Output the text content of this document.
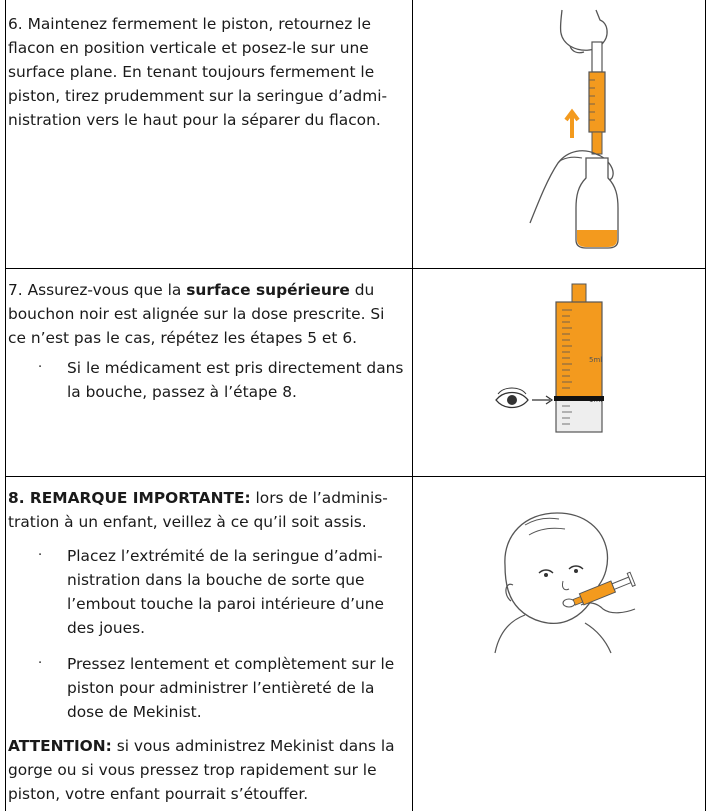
6. Maintenez fermement le piston, retournez le flacon en position verticale et posez-le sur une surface plane. En tenant toujours fermement le piston, tirez prudemment sur la seringue d’admi-nistration vers le haut pour la séparer du flacon.

7. Assurez-vous que la surface supérieure du bouchon noir est alignée sur la dose prescrite. Si ce n’est pas le cas, répétez les étapes 5 et 6.

· Si le médicament est pris directement dans la bouche, passez à l’étape 8.
5ml

8. REMARQUE IMPORTANTE: lors de l’adminis-tration à un enfant, veillez à ce qu’il soit assis.

· Placez l’extrémité de la seringue d’admi-nistration dans la bouche de sorte que l’embout touche la paroi intérieure d’une des joues.
· Pressez lentement et complètement sur le piston pour administrer l’entièreté de la dose de Mekinist.

ATTENTION: si vous administrez Mekinist dans la gorge ou si vous pressez trop rapidement sur le piston, votre enfant pourrait s’étouffer.
